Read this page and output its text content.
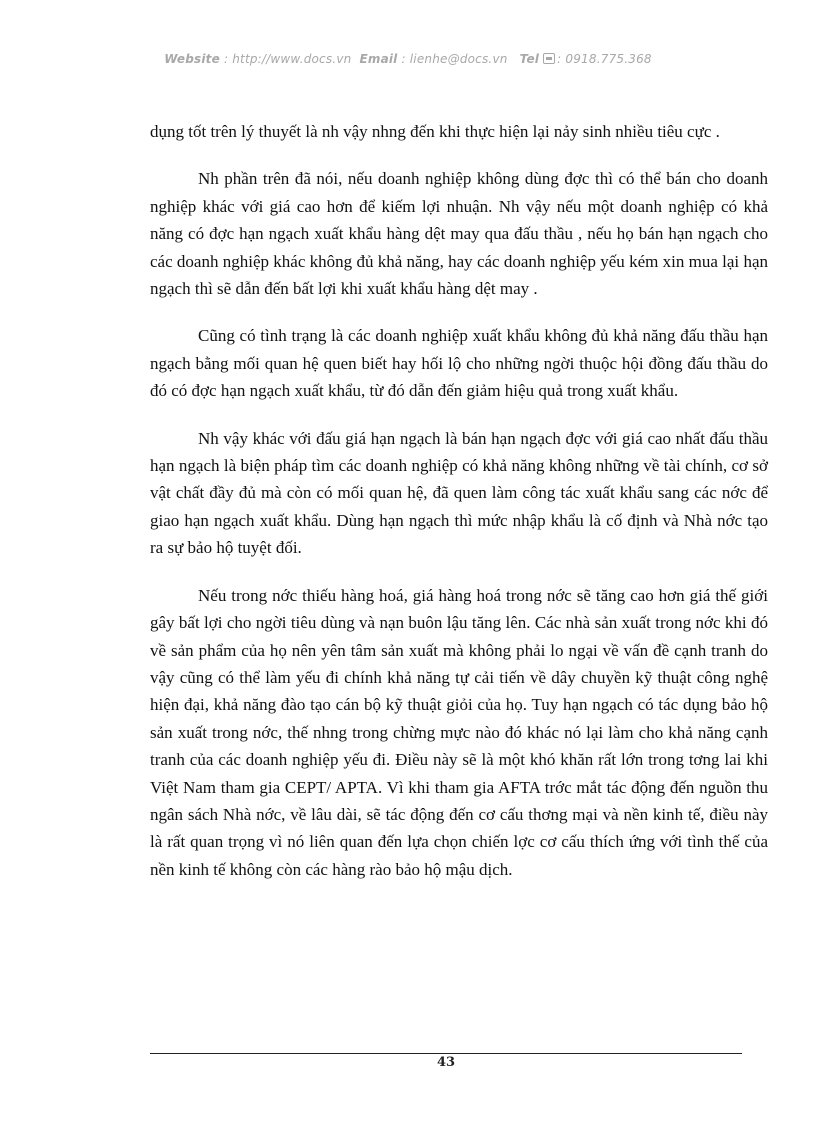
Website : http://www.docs.vn Email : lienhe@docs.vn Tel : 0918.775.368

dụng tốt trên lý thuyết là nh vậy nhng đến khi thực hiện lại nảy sinh nhiều tiêu cực .

Nh phần trên đã nói, nếu doanh nghiệp không dùng đợc thì có thể bán cho doanh nghiệp khác với giá cao hơn để kiếm lợi nhuận. Nh vậy nếu một doanh nghiệp có khả năng có đợc hạn ngạch xuất khẩu hàng dệt may qua đấu thầu , nếu họ bán hạn ngạch cho các doanh nghiệp khác không đủ khả năng, hay các doanh nghiệp yếu kém xin mua lại hạn ngạch thì sẽ dẫn đến bất lợi khi xuất khẩu hàng dệt may .

Cũng có tình trạng là các doanh nghiệp xuất khẩu không đủ khả năng đấu thầu hạn ngạch bằng mối quan hệ quen biết hay hối lộ cho những ngời thuộc hội đồng đấu thầu do đó có đợc hạn ngạch xuất khẩu, từ đó dẫn đến giảm hiệu quả trong xuất khẩu.

Nh vậy khác với đấu giá hạn ngạch là bán hạn ngạch đợc với giá cao nhất đấu thầu hạn ngạch là biện pháp tìm các doanh nghiệp có khả năng không những về tài chính, cơ sở vật chất đầy đủ mà còn có mối quan hệ, đã quen làm công tác xuất khẩu sang các nớc để giao hạn ngạch xuất khẩu. Dùng hạn ngạch thì mức nhập khẩu là cố định và Nhà nớc tạo ra sự bảo hộ tuyệt đối.

Nếu trong nớc thiếu hàng hoá, giá hàng hoá trong nớc sẽ tăng cao hơn giá thế giới gây bất lợi cho ngời tiêu dùng và nạn buôn lậu tăng lên. Các nhà sản xuất trong nớc khi đó về sản phẩm của họ nên yên tâm sản xuất mà không phải lo ngại về vấn đề cạnh tranh do vậy cũng có thể làm yếu đi chính khả năng tự cải tiến về dây chuyền kỹ thuật công nghệ hiện đại, khả năng đào tạo cán bộ kỹ thuật giỏi của họ. Tuy hạn ngạch có tác dụng bảo hộ sản xuất trong nớc, thế nhng trong chừng mực nào đó khác nó lại làm cho khả năng cạnh tranh của các doanh nghiệp yếu đi. Điều này sẽ là một khó khăn rất lớn trong tơng lai khi Việt Nam tham gia CEPT/ APTA. Vì khi tham gia AFTA trớc mắt tác động đến nguồn thu ngân sách Nhà nớc, về lâu dài, sẽ tác động đến cơ cấu thơng mại và nền kinh tế, điều này là rất quan trọng vì nó liên quan đến lựa chọn chiến lợc cơ cấu thích ứng với tình thế của nền kinh tế không còn các hàng rào bảo hộ mậu dịch.

43
